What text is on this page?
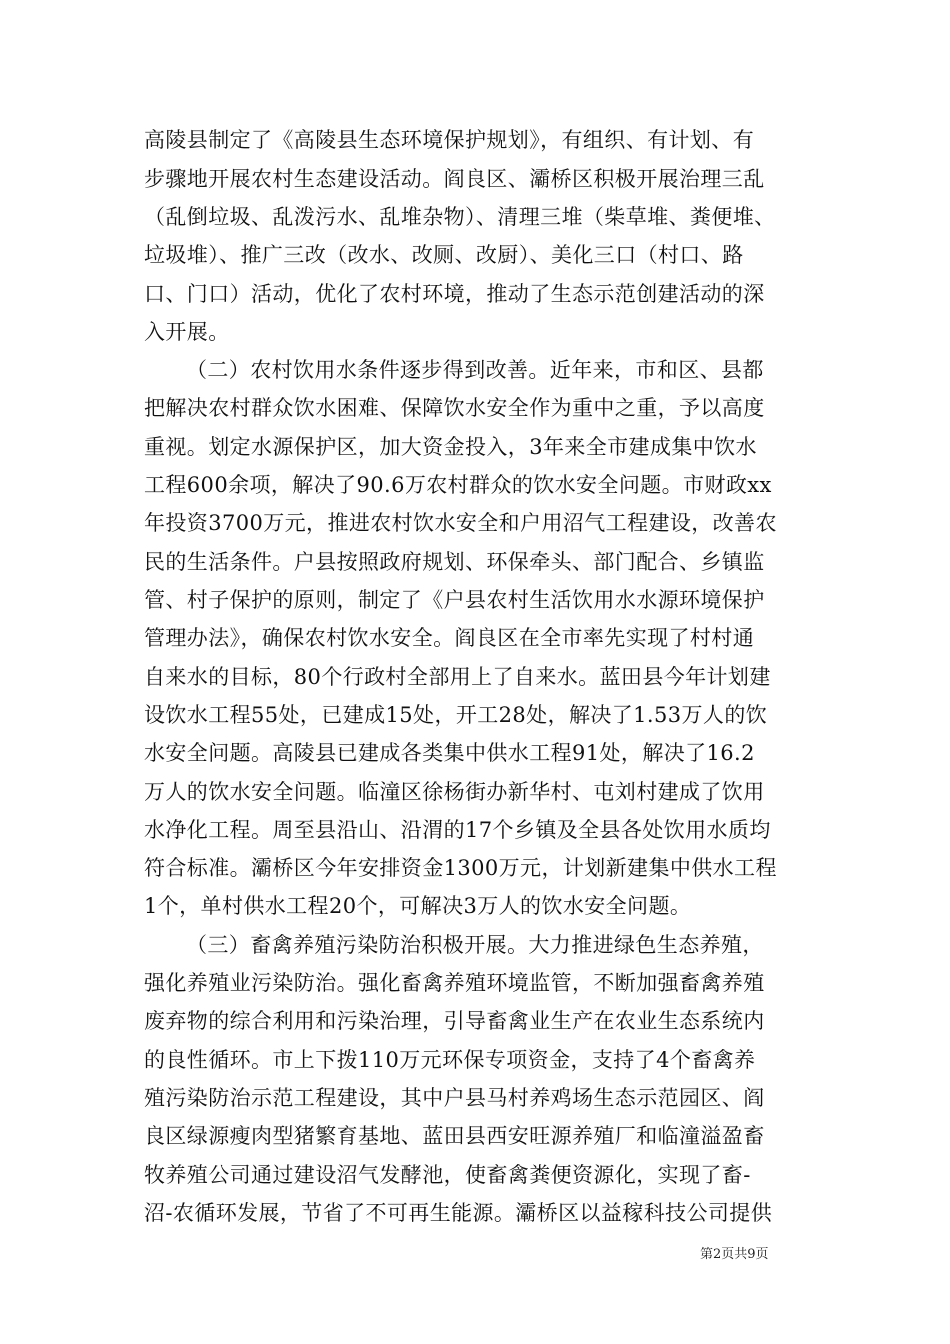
高陵县制定了《高陵县生态环境保护规划》，有组织、有计划、有
步骤地开展农村生态建设活动。阎良区、灞桥区积极开展治理三乱
（乱倒垃圾、乱泼污水、乱堆杂物）、清理三堆（柴草堆、粪便堆、
垃圾堆）、推广三改（改水、改厕、改厨）、美化三口（村口、路
口、门口）活动，优化了农村环境，推动了生态示范创建活动的深
入开展。
（二）农村饮用水条件逐步得到改善。近年来，市和区、县都
把解决农村群众饮水困难、保障饮水安全作为重中之重，予以高度
重视。划定水源保护区，加大资金投入，3年来全市建成集中饮水
工程600余项，解决了90.6万农村群众的饮水安全问题。市财政xx
年投资3700万元，推进农村饮水安全和户用沼气工程建设，改善农
民的生活条件。户县按照政府规划、环保牵头、部门配合、乡镇监
管、村子保护的原则，制定了《户县农村生活饮用水水源环境保护
管理办法》，确保农村饮水安全。阎良区在全市率先实现了村村通
自来水的目标，80个行政村全部用上了自来水。蓝田县今年计划建
设饮水工程55处，已建成15处，开工28处，解决了1.53万人的饮
水安全问题。高陵县已建成各类集中供水工程91处，解决了16.2
万人的饮水安全问题。临潼区徐杨街办新华村、屯刘村建成了饮用
水净化工程。周至县沿山、沿渭的17个乡镇及全县各处饮用水质均
符合标准。灞桥区今年安排资金1300万元，计划新建集中供水工程
1个，单村供水工程20个，可解决3万人的饮水安全问题。
（三）畜禽养殖污染防治积极开展。大力推进绿色生态养殖，
强化养殖业污染防治。强化畜禽养殖环境监管，不断加强畜禽养殖
废弃物的综合利用和污染治理，引导畜禽业生产在农业生态系统内
的良性循环。市上下拨110万元环保专项资金，支持了4个畜禽养
殖污染防治示范工程建设，其中户县马村养鸡场生态示范园区、阎
良区绿源瘦肉型猪繁育基地、蓝田县西安旺源养殖厂和临潼溢盈畜
牧养殖公司通过建设沼气发酵池，使畜禽粪便资源化，实现了畜-
沼-农循环发展，节省了不可再生能源。灞桥区以益稼科技公司提供
第2页共9页
